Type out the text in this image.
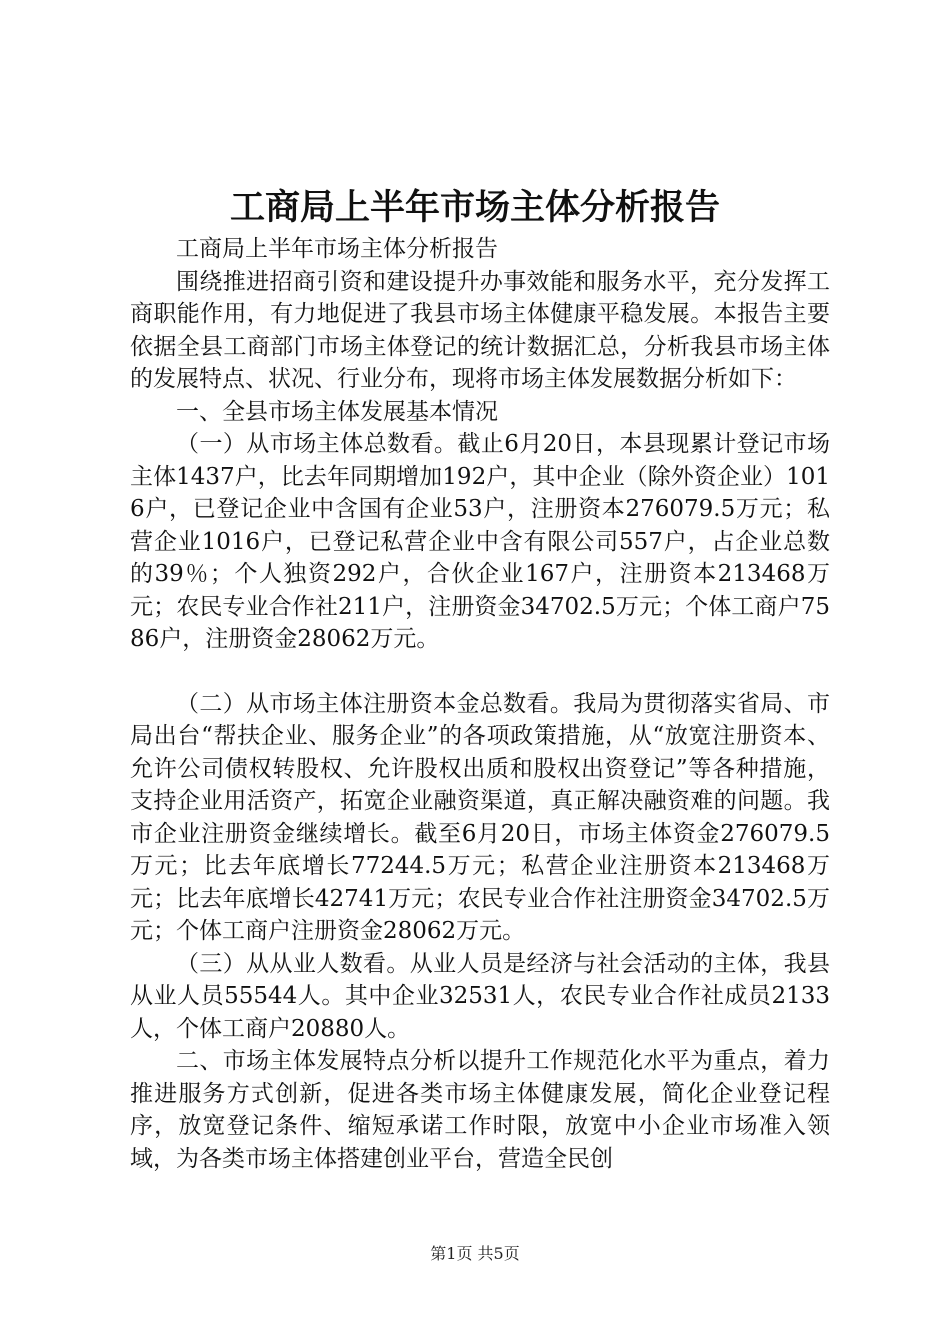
工商局上半年市场主体分析报告

工商局上半年市场主体分析报告

围绕推进招商引资和建设提升办事效能和服务水平，充分发挥工商职能作用，有力地促进了我县市场主体健康平稳发展。本报告主要依据全县工商部门市场主体登记的统计数据汇总，分析我县市场主体的发展特点、状况、行业分布，现将市场主体发展数据分析如下：

一、全县市场主体发展基本情况

（一）从市场主体总数看。截止6月20日，本县现累计登记市场主体1437户，比去年同期增加192户，其中企业（除外资企业）1016户，已登记企业中含国有企业53户，注册资本276079.5万元；私营企业1016户，已登记私营企业中含有限公司557户，占企业总数的39％；个人独资292户，合伙企业167户，注册资本213468万元；农民专业合作社211户，注册资金34702.5万元；个体工商户7586户，注册资金28062万元。

（二）从市场主体注册资本金总数看。我局为贯彻落实省局、市局出台“帮扶企业、服务企业”的各项政策措施，从“放宽注册资本、允许公司债权转股权、允许股权出质和股权出资登记”等各种措施，支持企业用活资产，拓宽企业融资渠道，真正解决融资难的问题。我市企业注册资金继续增长。截至6月20日，市场主体资金276079.5万元；比去年底增长77244.5万元；私营企业注册资本213468万元；比去年底增长42741万元；农民专业合作社注册资金34702.5万元；个体工商户注册资金28062万元。

（三）从从业人数看。从业人员是经济与社会活动的主体，我县从业人员55544人。其中企业32531人，农民专业合作社成员2133人，个体工商户20880人。

二、市场主体发展特点分析以提升工作规范化水平为重点，着力推进服务方式创新，促进各类市场主体健康发展，简化企业登记程序，放宽登记条件、缩短承诺工作时限，放宽中小企业市场准入领域，为各类市场主体搭建创业平台，营造全民创

第1页 共5页
